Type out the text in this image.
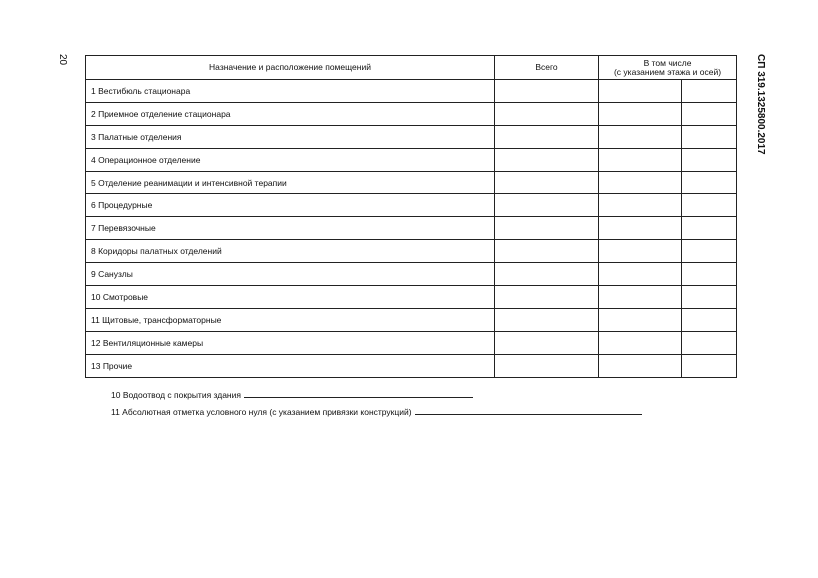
20	СП 319.1325800.2017
Назначение и расположение помещений	Всего	В том числе
(с указанием этажа и осей)	
1 Вестибюль стационара			
2 Приемное отделение стационара			
3 Палатные отделения			
4 Операционное отделение			
5 Отделение реанимации и интенсивной терапии			
6 Процедурные			
7 Перевязочные			
8 Коридоры палатных отделений			
9 Санузлы			
10 Смотровые			
11 Щитовые, трансформаторные			
12 Вентиляционные камеры			
13 Прочие			
10 Водоотвод с покрытия здания
11 Абсолютная отметка условного нуля (с указанием привязки конструкций)
